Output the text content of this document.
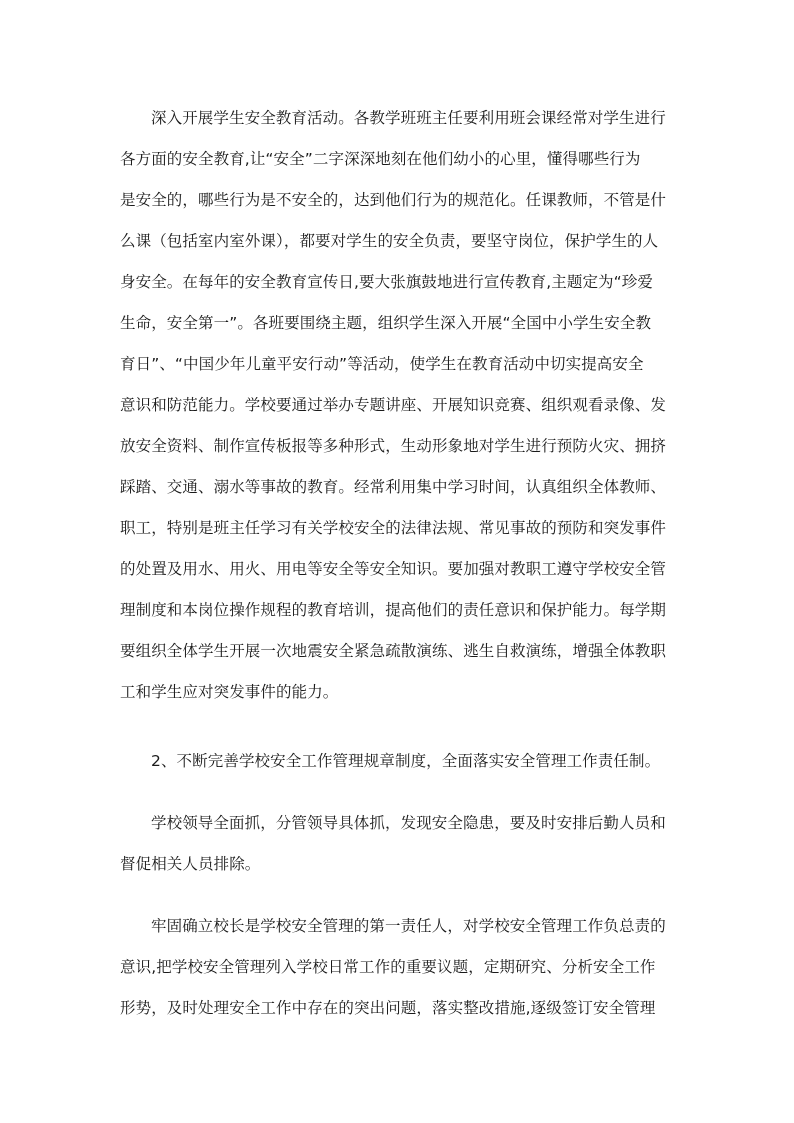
深入开展学生安全教育活动。各教学班班主任要利用班会课经常对学生进行
各方面的安全教育,让“安全”二字深深地刻在他们幼小的心里，懂得哪些行为
是安全的，哪些行为是不安全的，达到他们行为的规范化。任课教师，不管是什
么课（包括室内室外课），都要对学生的安全负责，要坚守岗位，保护学生的人
身安全。在每年的安全教育宣传日,要大张旗鼓地进行宣传教育,主题定为“珍爱
生命，安全第一”。各班要围绕主题，组织学生深入开展“全国中小学生安全教
育日”、“中国少年儿童平安行动”等活动，使学生在教育活动中切实提高安全
意识和防范能力。学校要通过举办专题讲座、开展知识竞赛、组织观看录像、发
放安全资料、制作宣传板报等多种形式，生动形象地对学生进行预防火灾、拥挤
踩踏、交通、溺水等事故的教育。经常利用集中学习时间，认真组织全体教师、
职工，特别是班主任学习有关学校安全的法律法规、常见事故的预防和突发事件
的处置及用水、用火、用电等安全等安全知识。要加强对教职工遵守学校安全管
理制度和本岗位操作规程的教育培训，提高他们的责任意识和保护能力。每学期
要组织全体学生开展一次地震安全紧急疏散演练、逃生自救演练，增强全体教职
工和学生应对突发事件的能力。
2、不断完善学校安全工作管理规章制度，全面落实安全管理工作责任制。
学校领导全面抓，分管领导具体抓，发现安全隐患，要及时安排后勤人员和
督促相关人员排除。
牢固确立校长是学校安全管理的第一责任人，对学校安全管理工作负总责的
意识,把学校安全管理列入学校日常工作的重要议题，定期研究、分析安全工作
形势，及时处理安全工作中存在的突出问题，落实整改措施,逐级签订安全管理
